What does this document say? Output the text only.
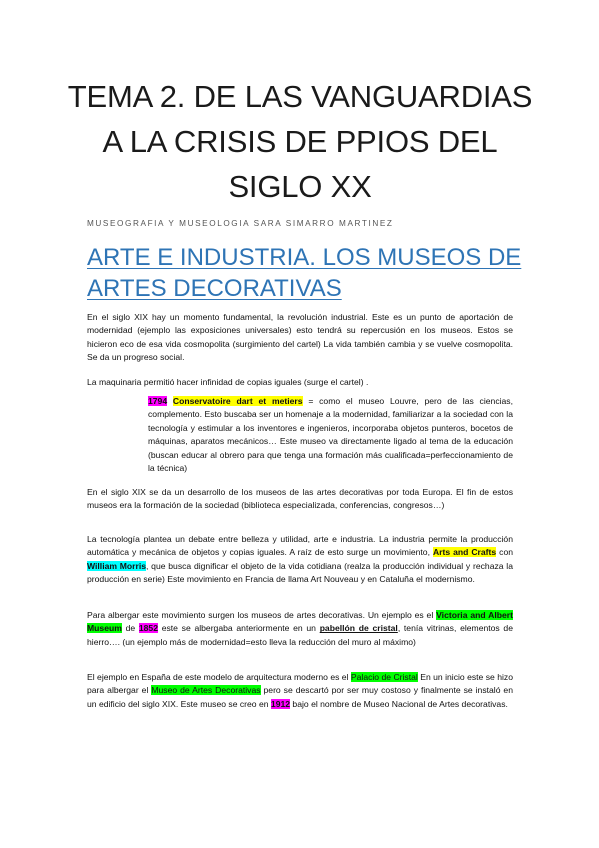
TEMA 2. DE LAS VANGUARDIAS A LA CRISIS DE PPIOS DEL SIGLO XX
MUSEOGRAFIA Y MUSEOLOGIA SARA SIMARRO MARTINEZ
ARTE E INDUSTRIA. LOS MUSEOS DE ARTES DECORATIVAS
En el siglo XIX hay un momento fundamental, la revolución industrial. Este es un punto de aportación de modernidad (ejemplo las exposiciones universales) esto tendrá su repercusión en los museos. Estos se hicieron eco de esa vida cosmopolita (surgimiento del cartel) La vida también cambia y se vuelve cosmopolita. Se da un progreso social.
La maquinaria permitió hacer infinidad de copias iguales (surge el cartel) .
1794 Conservatoire dart et metiers = como el museo Louvre, pero de las ciencias, complemento. Esto buscaba ser un homenaje a la modernidad, familiarizar a la sociedad con la tecnología y estimular a los inventores e ingenieros, incorporaba objetos punteros, bocetos de máquinas, aparatos mecánicos… Este museo va directamente ligado al tema de la educación (buscan educar al obrero para que tenga una formación más cualificada=perfeccionamiento de la técnica)
En el siglo XIX se da un desarrollo de los museos de las artes decorativas por toda Europa. El fin de estos museos era la formación de la sociedad (biblioteca especializada, conferencias, congresos…)
La tecnología plantea un debate entre belleza y utilidad, arte e industria. La industria permite la producción automática y mecánica de objetos y copias iguales. A raíz de esto surge un movimiento, Arts and Crafts con William Morris, que busca dignificar el objeto de la vida cotidiana (realza la producción individual y rechaza la producción en serie) Este movimiento en Francia de llama Art Nouveau y en Cataluña el modernismo.
Para albergar este movimiento surgen los museos de artes decorativas. Un ejemplo es el Victoria and Albert Museum de 1852 este se albergaba anteriormente en un pabellón de cristal, tenía vitrinas, elementos de hierro…. (un ejemplo más de modernidad=esto lleva la reducción del muro al máximo)
El ejemplo en España de este modelo de arquitectura moderno es el Palacio de Cristal En un inicio este se hizo para albergar el Museo de Artes Decorativas pero se descartó por ser muy costoso y finalmente se instaló en un edificio del siglo XIX. Este museo se creo en 1912 bajo el nombre de Museo Nacional de Artes decorativas.
